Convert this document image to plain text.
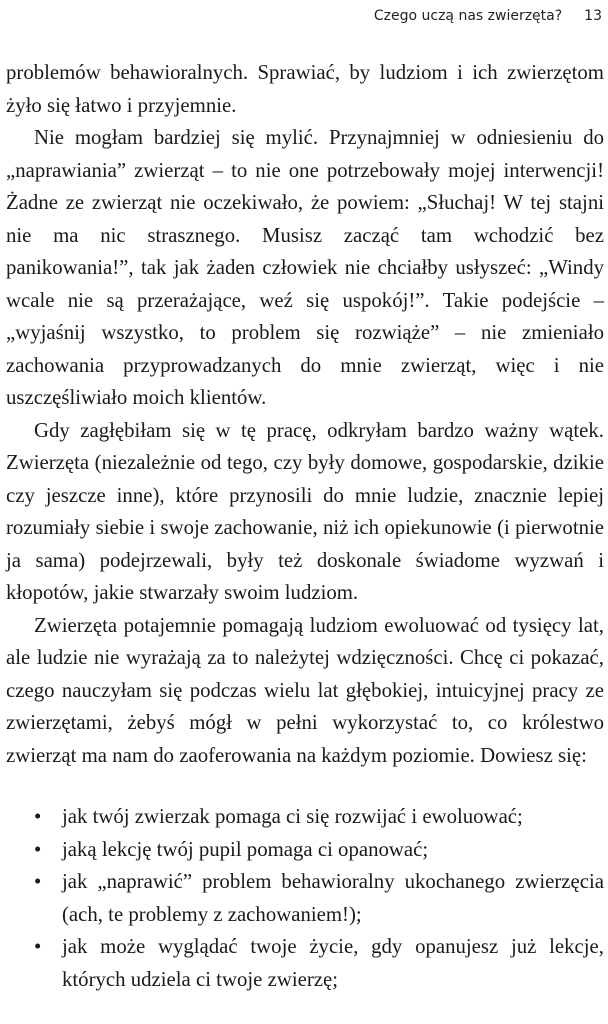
Czego uczą nas zwierzęta? 13

problemów behawioralnych. Sprawiać, by ludziom i ich zwierzętom żyło się łatwo i przyjemnie.

Nie mogłam bardziej się mylić. Przynajmniej w odniesieniu do „naprawiania” zwierząt – to nie one potrzebowały mojej interwencji! Żadne ze zwierząt nie oczekiwało, że powiem: „Słuchaj! W tej stajni nie ma nic strasznego. Musisz zacząć tam wchodzić bez panikowania!”, tak jak żaden człowiek nie chciałby usłyszeć: „Windy wcale nie są przerażające, weź się uspokój!”. Takie podejście – „wyjaśnij wszystko, to problem się rozwiąże” – nie zmieniało zachowania przyprowadzanych do mnie zwierząt, więc i nie uszczęśliwiało moich klientów.

Gdy zagłębiłam się w tę pracę, odkryłam bardzo ważny wątek. Zwierzęta (niezależnie od tego, czy były domowe, gospodarskie, dzikie czy jeszcze inne), które przynosili do mnie ludzie, znacznie lepiej rozumiały siebie i swoje zachowanie, niż ich opiekunowie (i pierwotnie ja sama) podejrzewali, były też doskonale świadome wyzwań i kłopotów, jakie stwarzały swoim ludziom.

Zwierzęta potajemnie pomagają ludziom ewoluować od tysięcy lat, ale ludzie nie wyrażają za to należytej wdzięczności. Chcę ci pokazać, czego nauczyłam się podczas wielu lat głębokiej, intuicyjnej pracy ze zwierzętami, żebyś mógł w pełni wykorzystać to, co królestwo zwierząt ma nam do zaoferowania na każdym poziomie. Dowiesz się:

• jak twój zwierzak pomaga ci się rozwijać i ewoluować;
• jaką lekcję twój pupil pomaga ci opanować;
• jak „naprawić” problem behawioralny ukochanego zwierzęcia (ach, te problemy z zachowaniem!);
• jak może wyglądać twoje życie, gdy opanujesz już lekcje, których udziela ci twoje zwierzę;
